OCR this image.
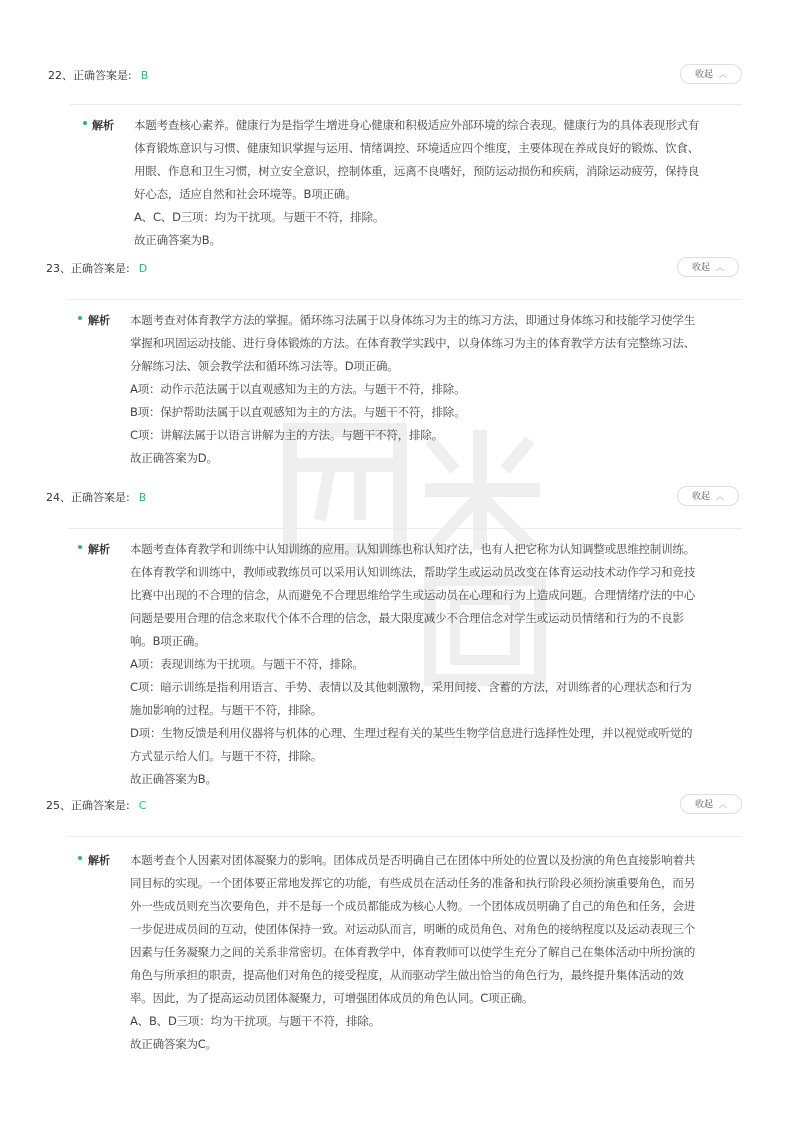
22、正确答案是: B	收起 ︿
解析 本题考查核心素养。健康行为是指学生增进身心健康和积极适应外部环境的综合表现。健康行为的具体表现形式有

体育锻炼意识与习惯、健康知识掌握与运用、情绪调控、环境适应四个维度，主要体现在养成良好的锻炼、饮食、

用眼、作息和卫生习惯，树立安全意识，控制体重，远离不良嗜好，预防运动损伤和疾病，消除运动疲劳，保持良

好心态，适应自然和社会环境等。B项正确。

A、C、D三项：均为干扰项。与题干不符，排除。

故正确答案为B。

23、正确答案是: D	收起 ︿
解析 本题考查对体育教学方法的掌握。循环练习法属于以身体练习为主的练习方法，即通过身体练习和技能学习使学生

掌握和巩固运动技能、进行身体锻炼的方法。在体育教学实践中，以身体练习为主的体育教学方法有完整练习法、

分解练习法、领会教学法和循环练习法等。D项正确。

A项：动作示范法属于以直观感知为主的方法。与题干不符，排除。

B项：保护帮助法属于以直观感知为主的方法。与题干不符，排除。

C项：讲解法属于以语言讲解为主的方法。与题干不符，排除。

故正确答案为D。

24、正确答案是: B	收起 ︿
解析 本题考查体育教学和训练中认知训练的应用。认知训练也称认知疗法，也有人把它称为认知调整或思维控制训练。

在体育教学和训练中，教师或教练员可以采用认知训练法，帮助学生或运动员改变在体育运动技术动作学习和竞技

比赛中出现的不合理的信念，从而避免不合理思维给学生或运动员在心理和行为上造成问题。合理情绪疗法的中心

问题是要用合理的信念来取代个体不合理的信念，最大限度减少不合理信念对学生或运动员情绪和行为的不良影

响。B项正确。

A项：表现训练为干扰项。与题干不符，排除。

C项：暗示训练是指利用语言、手势、表情以及其他刺激物，采用间接、含蓄的方法，对训练者的心理状态和行为

施加影响的过程。与题干不符，排除。

D项：生物反馈是利用仪器将与机体的心理、生理过程有关的某些生物学信息进行选择性处理，并以视觉或听觉的

方式显示给人们。与题干不符，排除。

故正确答案为B。

25、正确答案是: C	收起 ︿
解析 本题考查个人因素对团体凝聚力的影响。团体成员是否明确自己在团体中所处的位置以及扮演的角色直接影响着共

同目标的实现。一个团体要正常地发挥它的功能，有些成员在活动任务的准备和执行阶段必须扮演重要角色，而另

外一些成员则充当次要角色，并不是每一个成员都能成为核心人物。一个团体成员明确了自己的角色和任务，会进

一步促进成员间的互动，使团体保持一致。对运动队而言，明晰的成员角色、对角色的接纳程度以及运动表现三个

因素与任务凝聚力之间的关系非常密切。在体育教学中，体育教师可以使学生充分了解自己在集体活动中所扮演的

角色与所承担的职责，提高他们对角色的接受程度，从而驱动学生做出恰当的角色行为，最终提升集体活动的效

率。因此，为了提高运动员团体凝聚力，可增强团体成员的角色认同。C项正确。

A、B、D三项：均为干扰项。与题干不符，排除。

故正确答案为C。
